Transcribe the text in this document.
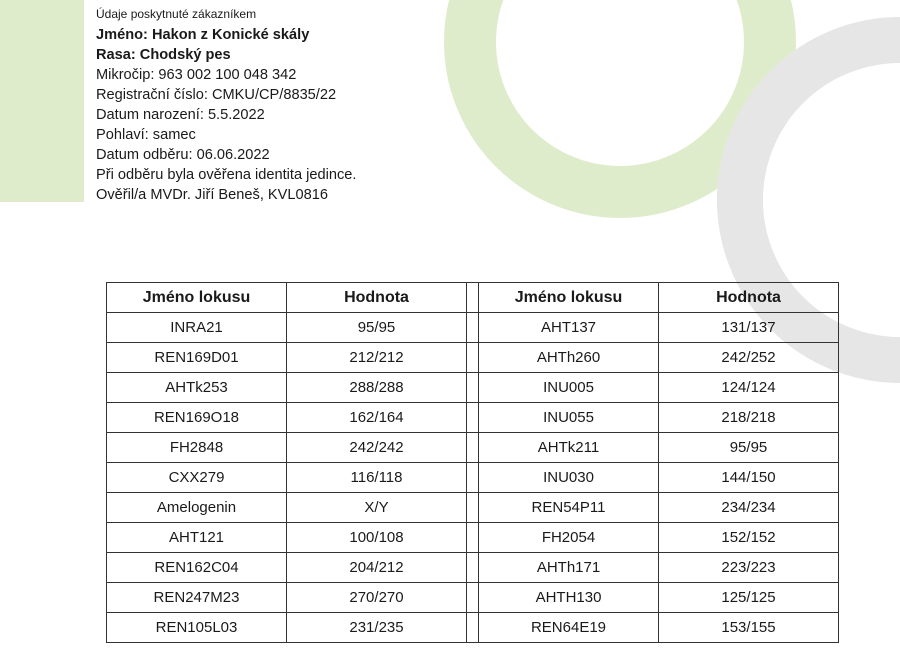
Údaje poskytnuté zákazníkem
Jméno: Hakon z Konické skály
Rasa: Chodský pes
Mikročip: 963 002 100 048 342
Registrační číslo: CMKU/CP/8835/22
Datum narození: 5.5.2022
Pohlaví: samec
Datum odběru: 06.06.2022
Při odběru byla ověřena identita jedince.
Ověřil/a MVDr. Jiří Beneš, KVL0816
Jméno lokusu	Hodnota		Jméno lokusu	Hodnota
INRA21	95/95		AHT137	131/137
REN169D01	212/212		AHTh260	242/252
AHTk253	288/288		INU005	124/124
REN169O18	162/164		INU055	218/218
FH2848	242/242		AHTk211	95/95
CXX279	116/118		INU030	144/150
Amelogenin	X/Y		REN54P11	234/234
AHT121	100/108		FH2054	152/152
REN162C04	204/212		AHTh171	223/223
REN247M23	270/270		AHTH130	125/125
REN105L03	231/235		REN64E19	153/155
